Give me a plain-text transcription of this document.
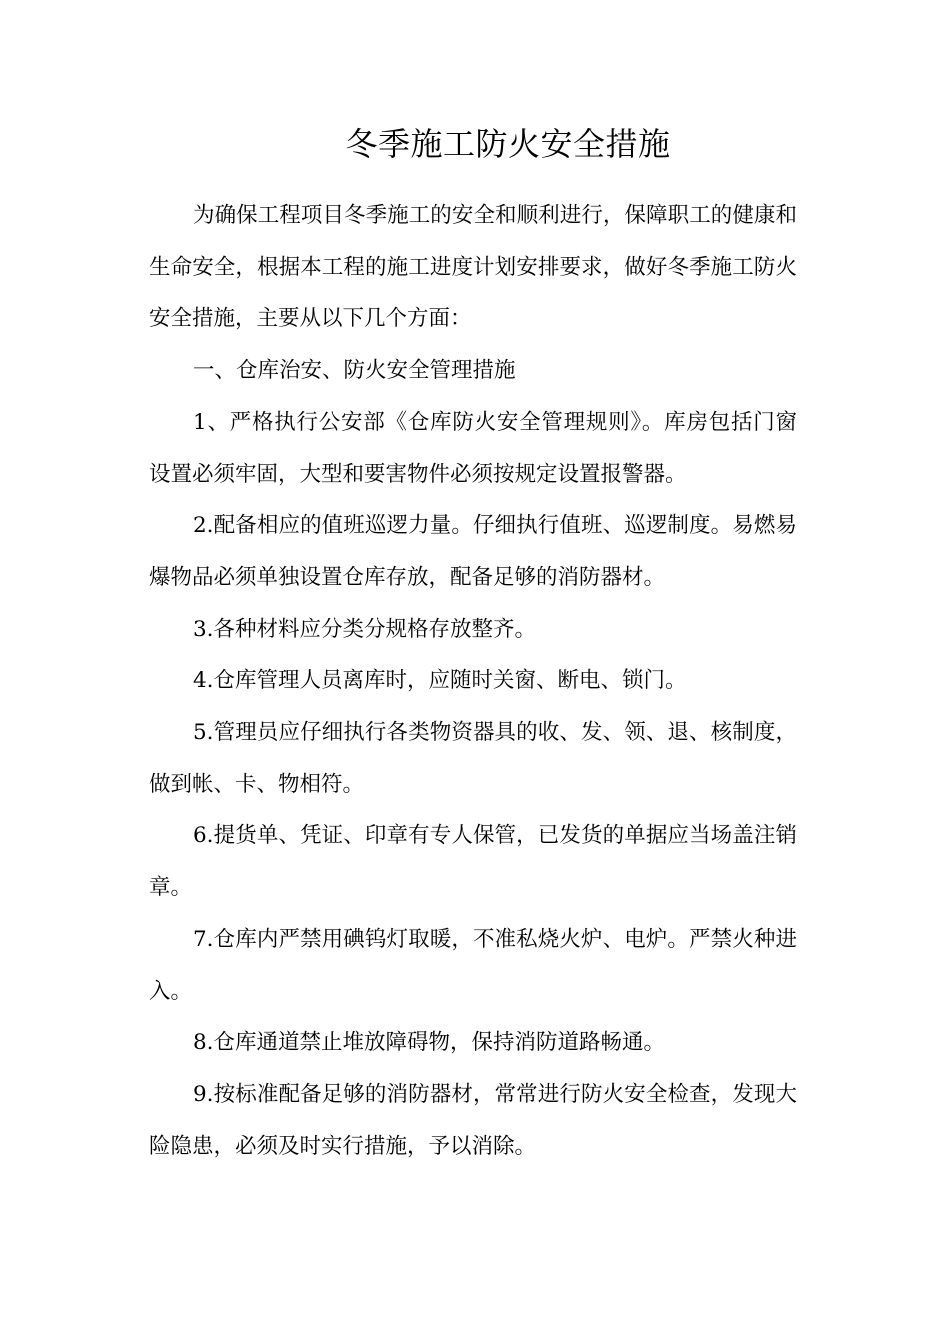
冬季施工防火安全措施

为确保工程项目冬季施工的安全和顺利进行，保障职工的健康和生命安全，根据本工程的施工进度计划安排要求，做好冬季施工防火安全措施，主要从以下几个方面：

一、仓库治安、防火安全管理措施

1、严格执行公安部《仓库防火安全管理规则》。库房包括门窗设置必须牢固，大型和要害物件必须按规定设置报警器。

2.配备相应的值班巡逻力量。仔细执行值班、巡逻制度。易燃易爆物品必须单独设置仓库存放，配备足够的消防器材。

3.各种材料应分类分规格存放整齐。

4.仓库管理人员离库时，应随时关窗、断电、锁门。

5.管理员应仔细执行各类物资器具的收、发、领、退、核制度，做到帐、卡、物相符。

6.提货单、凭证、印章有专人保管，已发货的单据应当场盖注销章。

7.仓库内严禁用碘钨灯取暖，不准私烧火炉、电炉。严禁火种进入。

8.仓库通道禁止堆放障碍物，保持消防道路畅通。

9.按标准配备足够的消防器材，常常进行防火安全检查，发现大险隐患，必须及时实行措施，予以消除。
